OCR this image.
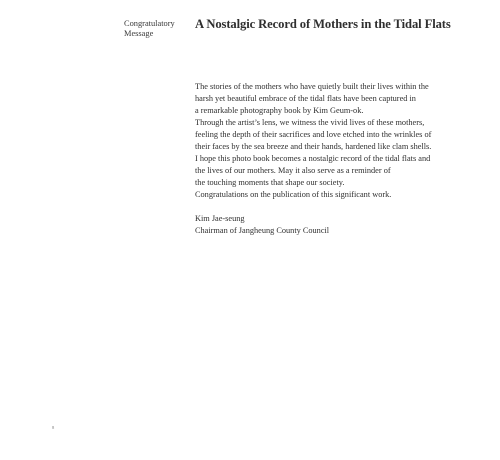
Congratulatory
Message
A Nostalgic Record of Mothers in the Tidal Flats
The stories of the mothers who have quietly built their lives within the
harsh yet beautiful embrace of the tidal flats have been captured in
a remarkable photography book by Kim Geum-ok.
Through the artist’s lens, we witness the vivid lives of these mothers,
feeling the depth of their sacrifices and love etched into the wrinkles of
their faces by the sea breeze and their hands, hardened like clam shells.
I hope this photo book becomes a nostalgic record of the tidal flats and
the lives of our mothers. May it also serve as a reminder of
the touching moments that shape our society.
Congratulations on the publication of this significant work.
Kim Jae-seung
Chairman of Jangheung County Council
8
